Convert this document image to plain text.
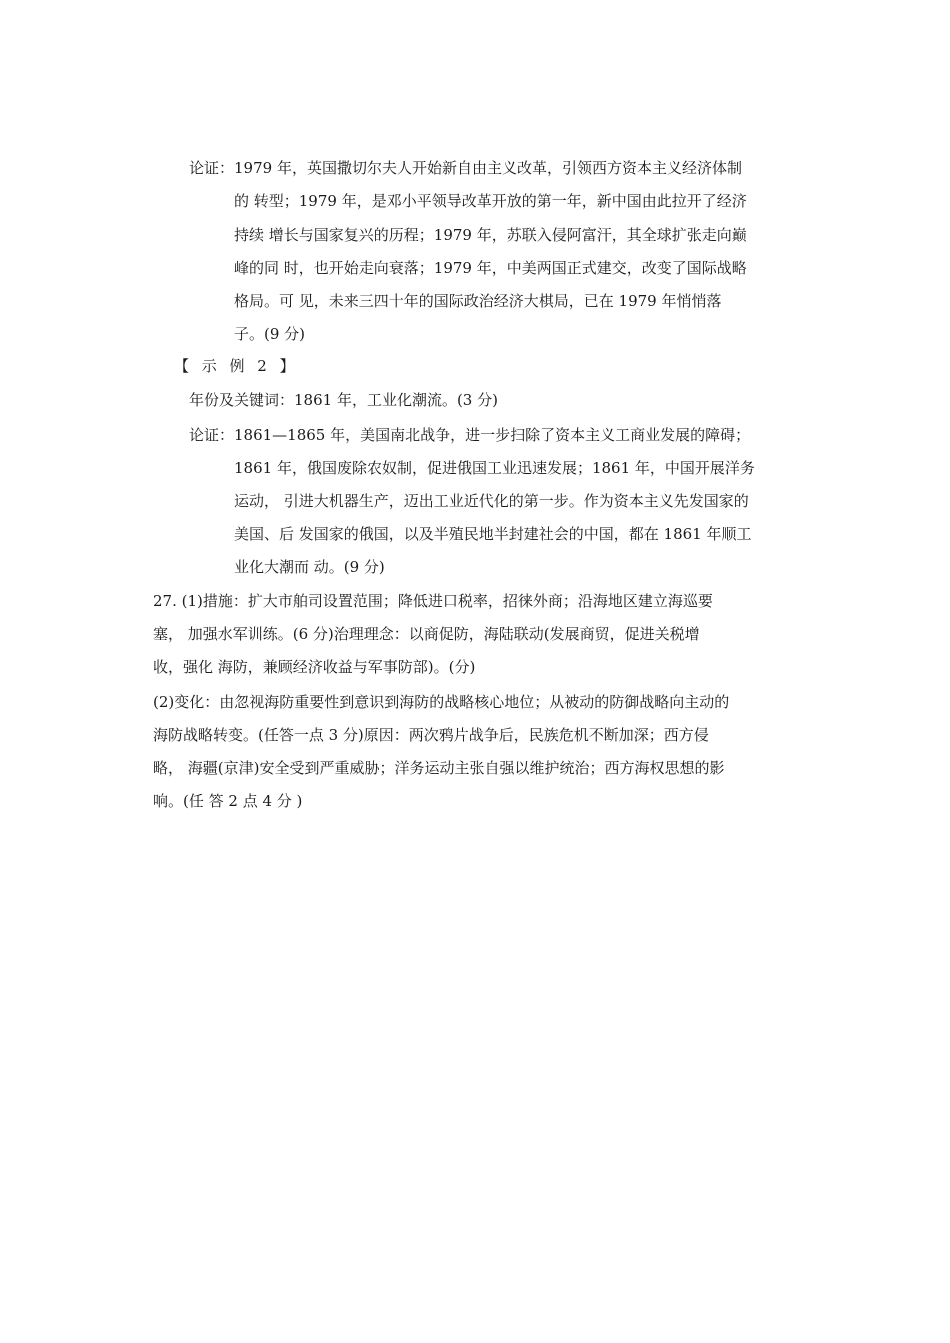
论证：1979 年，英国撒切尔夫人开始新自由主义改革，引领西方资本主义经济体制
的 转型；1979 年，是邓小平领导改革开放的第一年，新中国由此拉开了经济
持续 增长与国家复兴的历程；1979 年，苏联入侵阿富汗，其全球扩张走向巅
峰的同 时，也开始走向衰落；1979 年，中美两国正式建交，改变了国际战略
格局。可 见，未来三四十年的国际政治经济大棋局，已在 1979 年悄悄落
子。(9 分)
【 示 例 2 】
年份及关键词：1861 年，工业化潮流。(3 分)
论证：1861—1865 年，美国南北战争，进一步扫除了资本主义工商业发展的障碍；
1861 年，俄国废除农奴制，促进俄国工业迅速发展；1861 年，中国开展洋务
运动， 引进大机器生产，迈出工业近代化的第一步。作为资本主义先发国家的
美国、后 发国家的俄国，以及半殖民地半封建社会的中国，都在 1861 年顺工
业化大潮而 动。(9 分)
27. (1)措施：扩大市舶司设置范围；降低进口税率，招徕外商；沿海地区建立海巡要
塞， 加强水军训练。(6 分)治理理念：以商促防，海陆联动(发展商贸，促进关税增
收，强化 海防，兼顾经济收益与军事防部)。(分)
(2)变化：由忽视海防重要性到意识到海防的战略核心地位；从被动的防御战略向主动的
海防战略转变。(任答一点 3 分)原因：两次鸦片战争后，民族危机不断加深；西方侵
略， 海疆(京津)安全受到严重威胁；洋务运动主张自强以维护统治；西方海权思想的影
响。(任 答 2 点 4 分 )
